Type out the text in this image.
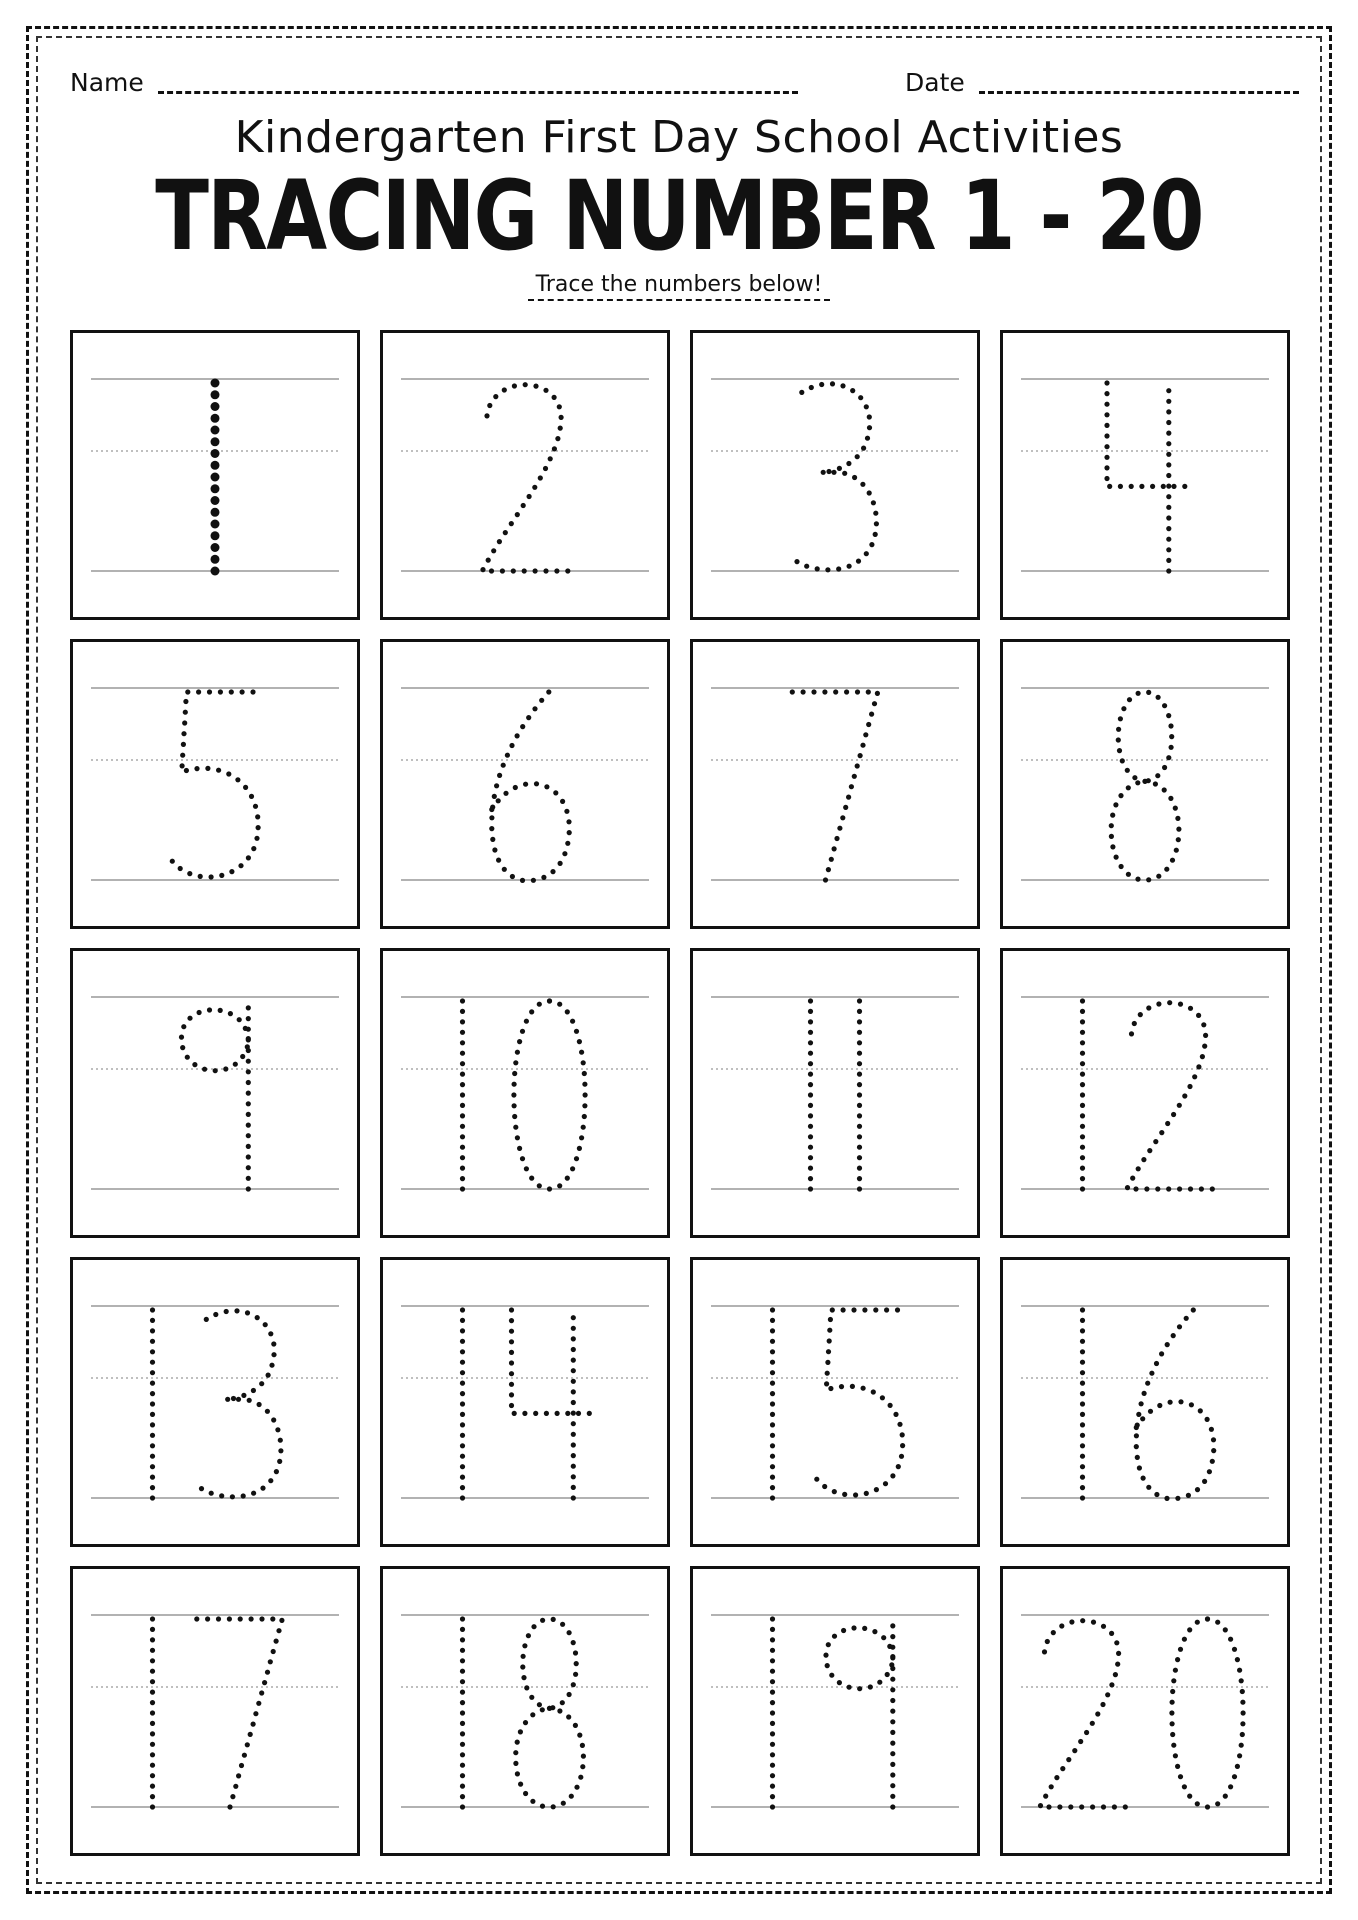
Name	Date
Kindergarten First Day School Activities
TRACING NUMBER 1 - 20
Trace the numbers below!
